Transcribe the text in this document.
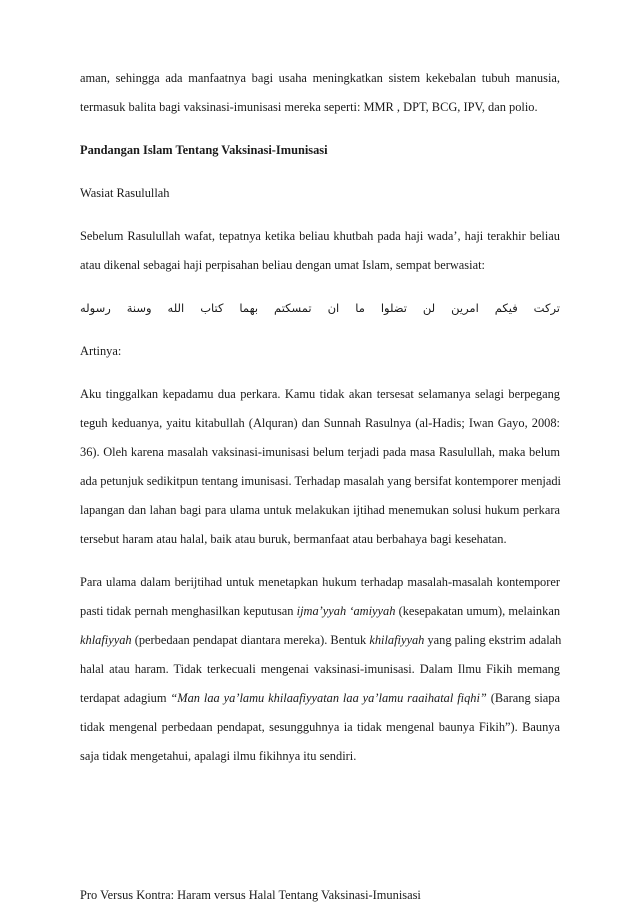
aman, sehingga ada manfaatnya bagi usaha meningkatkan sistem kekebalan tubuh manusia,
termasuk balita bagi vaksinasi-imunisasi mereka seperti: MMR , DPT, BCG, IPV, dan polio.
Pandangan Islam Tentang Vaksinasi-Imunisasi
Wasiat Rasulullah
Sebelum Rasulullah wafat, tepatnya ketika beliau khutbah pada haji wada’, haji terakhir beliau
atau dikenal sebagai haji perpisahan beliau dengan umat Islam, sempat berwasiat:
تركت فيكم امرين لن تضلوا ما ان تمسكتم بهما كتاب الله وسنة رسوله
Artinya:
Aku tinggalkan kepadamu dua perkara. Kamu tidak akan tersesat selamanya selagi berpegang
teguh keduanya, yaitu kitabullah (Alquran) dan Sunnah Rasulnya (al-Hadis; Iwan Gayo, 2008:
36). Oleh karena masalah vaksinasi-imunisasi belum terjadi pada masa Rasulullah, maka belum
ada petunjuk sedikitpun tentang imunisasi. Terhadap masalah yang bersifat kontemporer menjadi
lapangan dan lahan bagi para ulama untuk melakukan ijtihad menemukan solusi hukum perkara
tersebut haram atau halal, baik atau buruk, bermanfaat atau berbahaya bagi kesehatan.
Para ulama dalam berijtihad untuk menetapkan hukum terhadap masalah-masalah kontemporer
pasti tidak pernah menghasilkan keputusan ijma’yyah ‘amiyyah (kesepakatan umum), melainkan
khlafiyyah (perbedaan pendapat diantara mereka). Bentuk khilafiyyah yang paling ekstrim adalah
halal atau haram. Tidak terkecuali mengenai vaksinasi-imunisasi. Dalam Ilmu Fikih memang
terdapat adagium “Man laa ya’lamu khilaafiyyatan laa ya’lamu raaihatal fiqhi” (Barang siapa
tidak mengenal perbedaan pendapat, sesungguhnya ia tidak mengenal baunya Fikih”). Baunya
saja tidak mengetahui, apalagi ilmu fikihnya itu sendiri.
Pro Versus Kontra: Haram versus Halal Tentang Vaksinasi-Imunisasi
